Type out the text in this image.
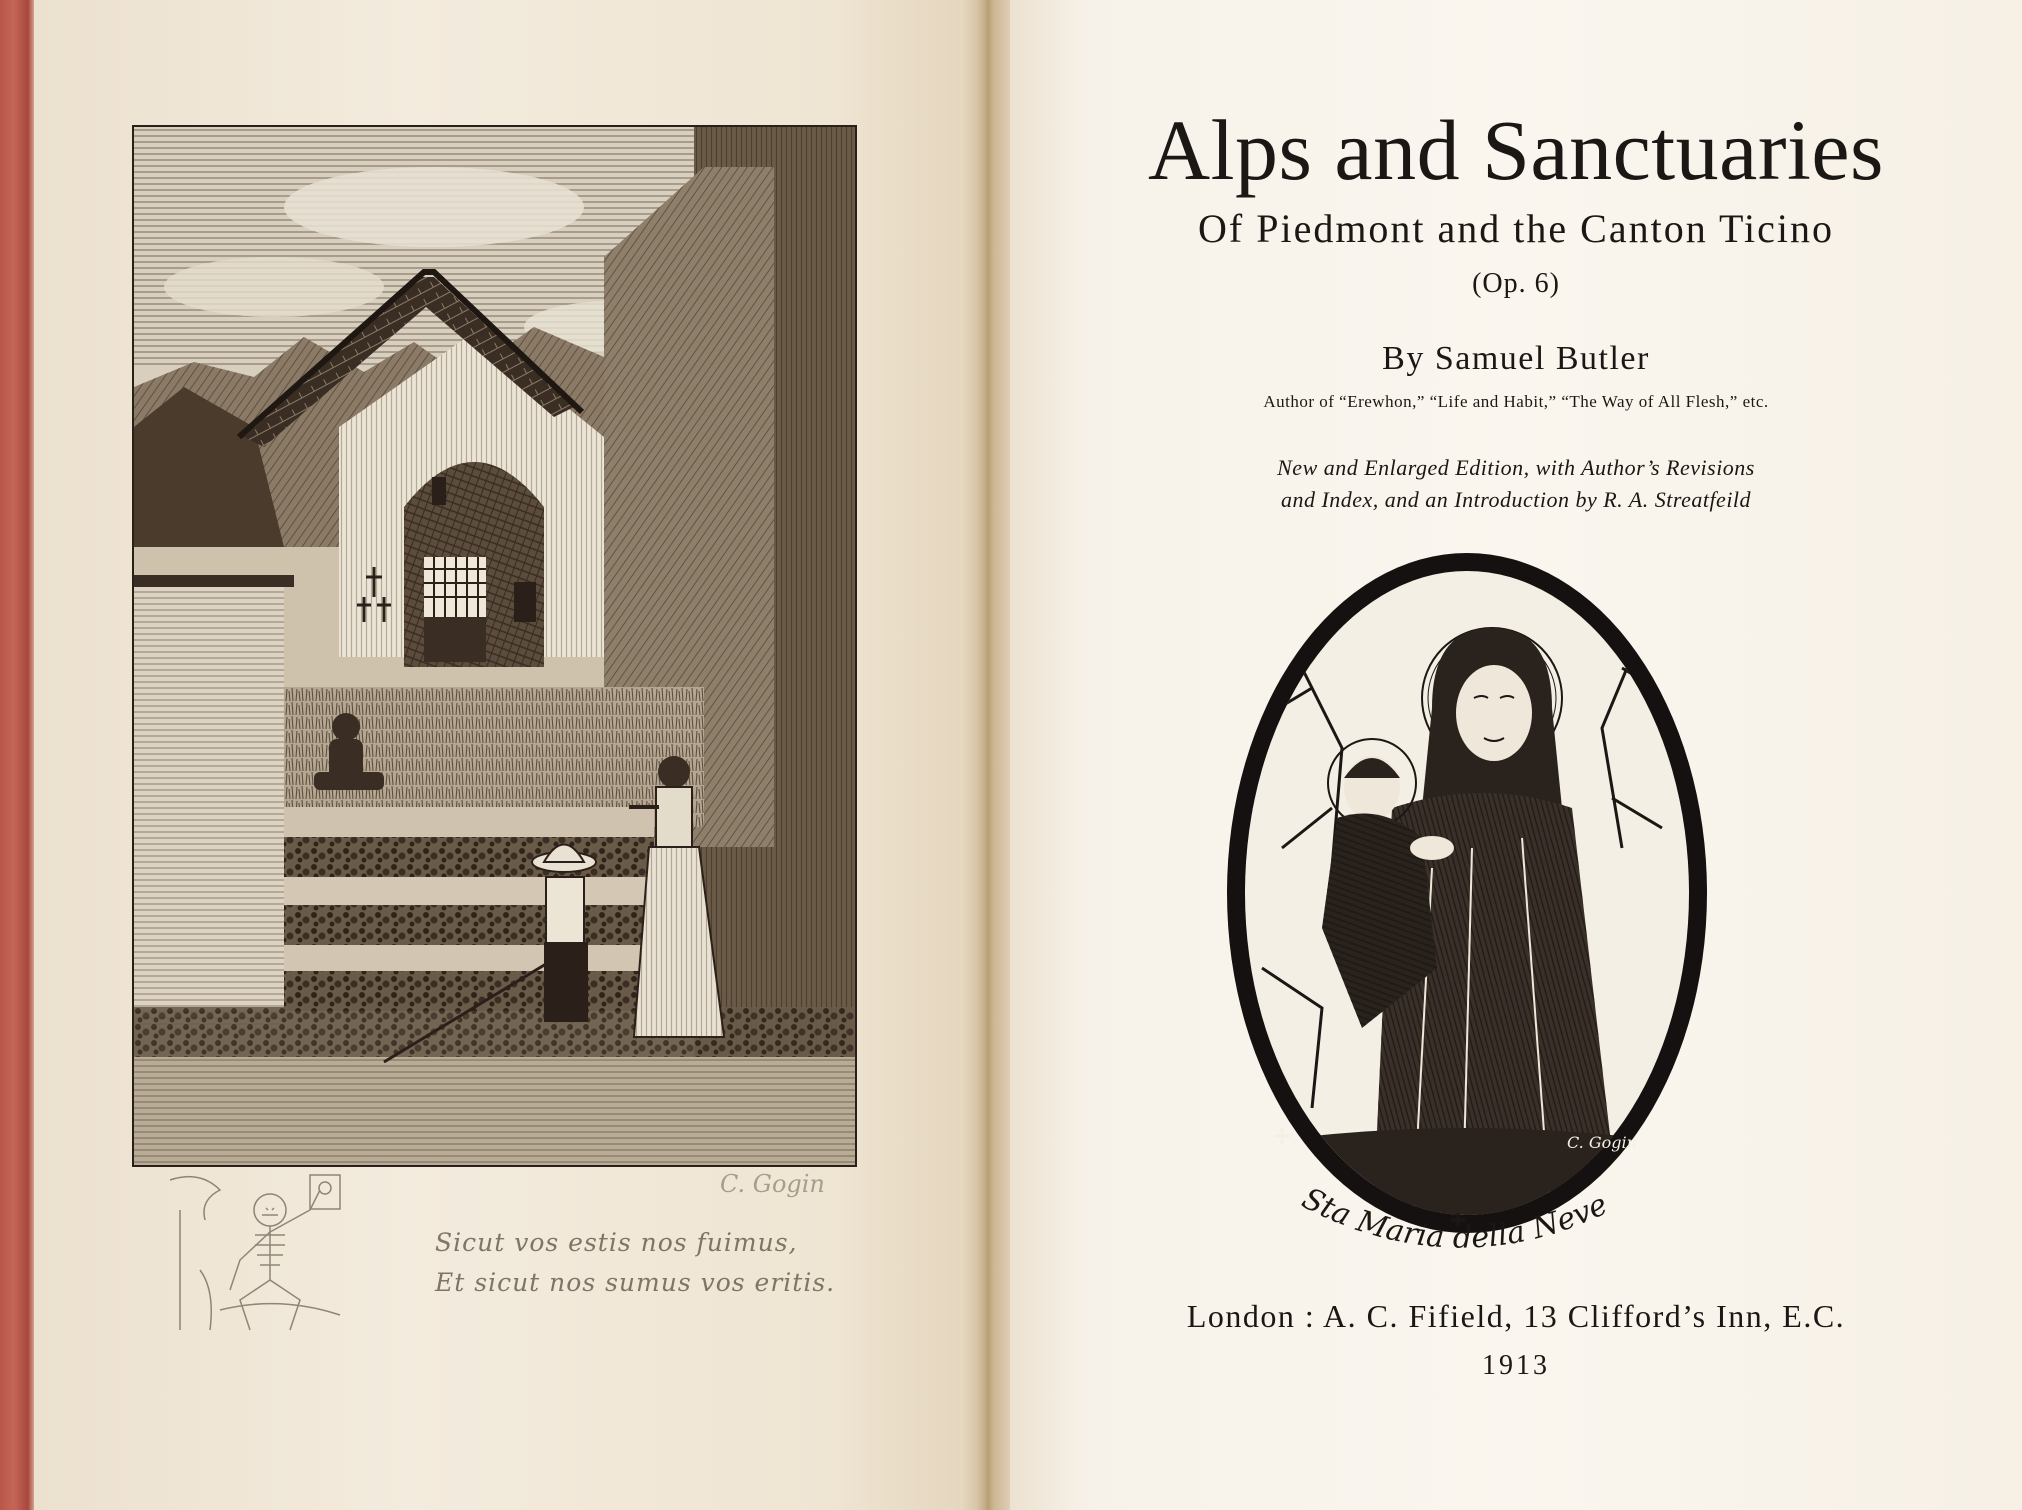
Alps and Sanctuaries
Of Piedmont and the Canton Ticino
(Op. 6)
By Samuel Butler
Author of “Erewhon,” “Life and Habit,” “The Way of All Flesh,” etc.
New and Enlarged Edition, with Author’s Revisions
and Index, and an Introduction by R. A. Streatfeild
London : A. C. Fifield, 13 Clifford’s Inn, E.C.
1913
C. Gogin
Sicut vos estis nos fuimus,
Et sicut nos sumus vos eritis.
C. Gogin
Sta Maria della Neve
